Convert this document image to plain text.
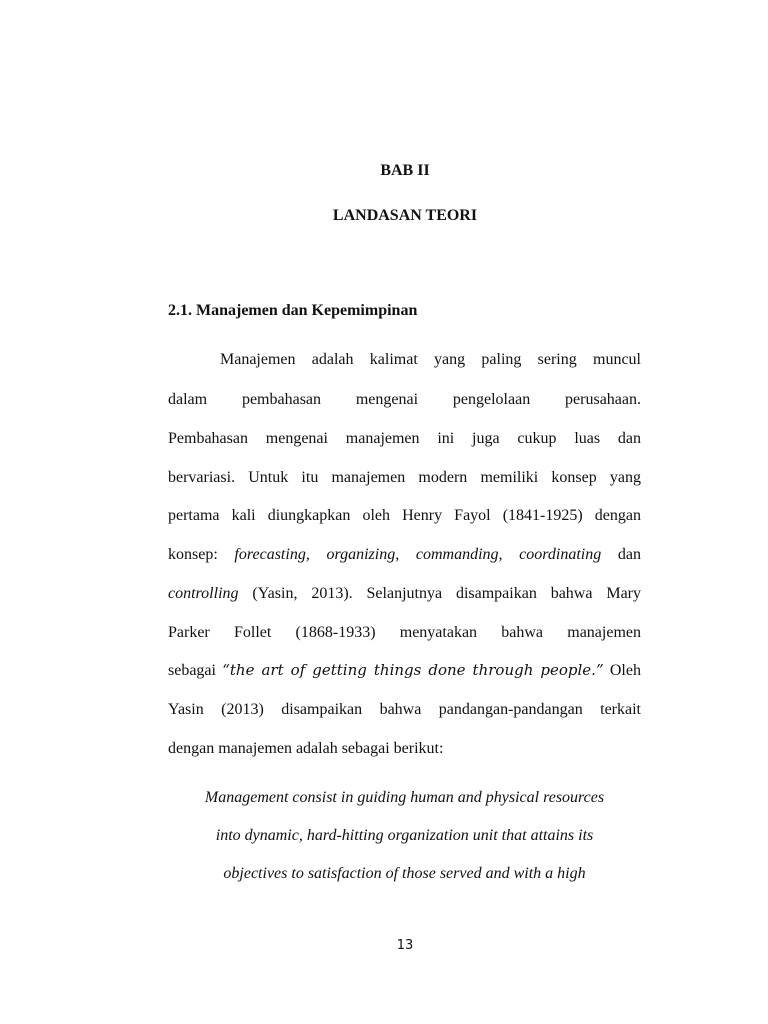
BAB II
LANDASAN TEORI
2.1. Manajemen dan Kepemimpinan
Manajemen adalah kalimat yang paling sering muncul
dalam pembahasan mengenai pengelolaan perusahaan.
Pembahasan mengenai manajemen ini juga cukup luas dan
bervariasi. Untuk itu manajemen modern memiliki konsep yang
pertama kali diungkapkan oleh Henry Fayol (1841-1925) dengan
konsep: forecasting, organizing, commanding, coordinating dan
controlling (Yasin, 2013). Selanjutnya disampaikan bahwa Mary
Parker Follet (1868-1933) menyatakan bahwa manajemen
sebagai “the art of getting things done through people.” Oleh
Yasin (2013) disampaikan bahwa pandangan-pandangan terkait
dengan manajemen adalah sebagai berikut:
Management consist in guiding human and physical resources
into dynamic, hard-hitting organization unit that attains its
objectives to satisfaction of those served and with a high
13
